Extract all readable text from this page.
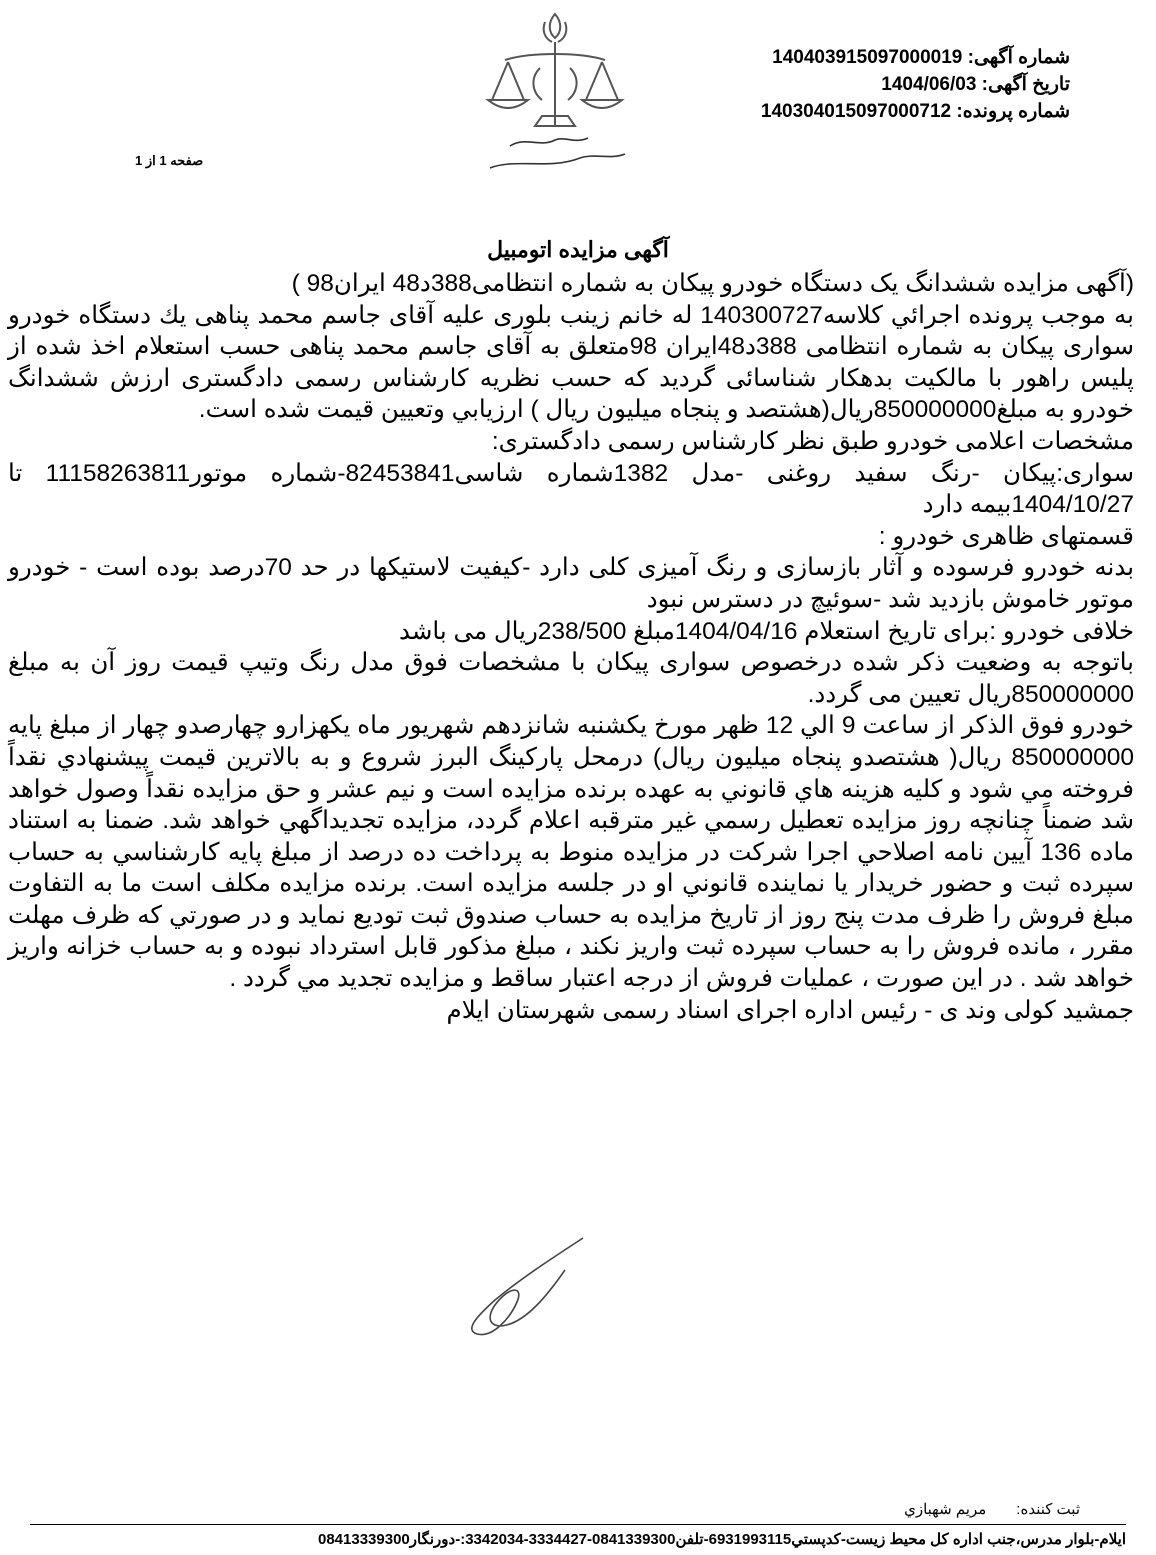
شماره آگهی: 14040391509700001‌9
تاریخ آگهی: 1404/06/03
شماره پرونده: 140304015097000712
صفحه 1 از 1
آگهی مزایده اتومبیل

(آگهی مزایده ششدانگ یک دستگاه خودرو پیکان به شماره انتظامی388د48 ایران98 )

به موجب پرونده اجرائي كلاسه140300727 له خانم زینب بلوری علیه آقای جاسم محمد پناهی يك دستگاه خودرو سواری پیکان به شماره انتظامی 388د48ایران 98متعلق به آقای جاسم محمد پناهی حسب استعلام اخذ شده از پلیس راهور با مالکیت بدهکار شناسائی گردید که حسب نظریه کارشناس رسمی دادگستری ارزش ششدانگ خودرو به مبلغ850000000ریال(هشتصد و پنجاه میلیون ریال ) ارزيابي وتعيين قيمت شده است.

مشخصات اعلامی خودرو طبق نظر کارشناس رسمی دادگستری:

سواری:پیکان -رنگ سفید روغنی -مدل 1382شماره شاسی82453841-شماره موتور11158263811 تا 1404/10/27بیمه دارد

قسمتهای ظاهری خودرو :

بدنه خودرو فرسوده و آثار بازسازی و رنگ آمیزی کلی دارد -کیفیت لاستیکها در حد 70درصد بوده است - خودرو موتور خاموش بازدید شد -سوئیچ در دسترس نبود

خلافی خودرو :برای تاریخ استعلام 1404/04/16مبلغ 238/500ریال می باشد

باتوجه به وضعیت ذکر شده درخصوص سواری پیکان با مشخصات فوق مدل رنگ وتیپ قیمت روز آن به مبلغ 850000000ریال تعیین می گردد.

خودرو فوق الذكر از ساعت 9 الي 12 ظهر مورخ یکشنبه شانزدهم شهریور ماه یکهزارو چهارصدو چهار از مبلغ پايه 850000000 ريال( هشتصدو پنجاه میلیون ريال) درمحل پارکینگ البرز شروع و به بالاترين قيمت پيشنهادي نقداً فروخته مي شود و كليه هزينه هاي قانوني به عهده برنده مزايده است و نيم عشر و حق مزايده نقداً وصول خواهد شد ضمناً چنانچه روز مزايده تعطيل رسمي غير مترقبه اعلام گردد، مزايده تجديداگهي خواهد شد. ضمنا به استناد ماده 136 آيين نامه اصلاحي اجرا شركت در مزايده منوط به پرداخت ده درصد از مبلغ پايه كارشناسي به حساب سپرده ثبت و حضور خريدار يا نماينده قانوني او در جلسه مزايده است. برنده مزايده مكلف است ما به التفاوت مبلغ فروش را ظرف مدت پنج روز از تاريخ مزايده به حساب صندوق ثبت توديع نمايد و در صورتي كه ظرف مهلت مقرر ، مانده فروش را به حساب سپرده ثبت واريز نكند ، مبلغ مذكور قابل استرداد نبوده و به حساب خزانه واريز خواهد شد . در اين صورت ، عمليات فروش از درجه اعتبار ساقط و مزايده تجديد مي گردد .

جمشید کولی وند ی - رئیس اداره اجرای اسناد رسمی شهرستان ایلام

ثبت كننده:مریم شهبازي
ايلام-بلوار مدرس،جنب اداره کل محیط زیست-کدپستي6931993115-تلفن0841339300-3334427-3342034:-دورنگار08413339300
